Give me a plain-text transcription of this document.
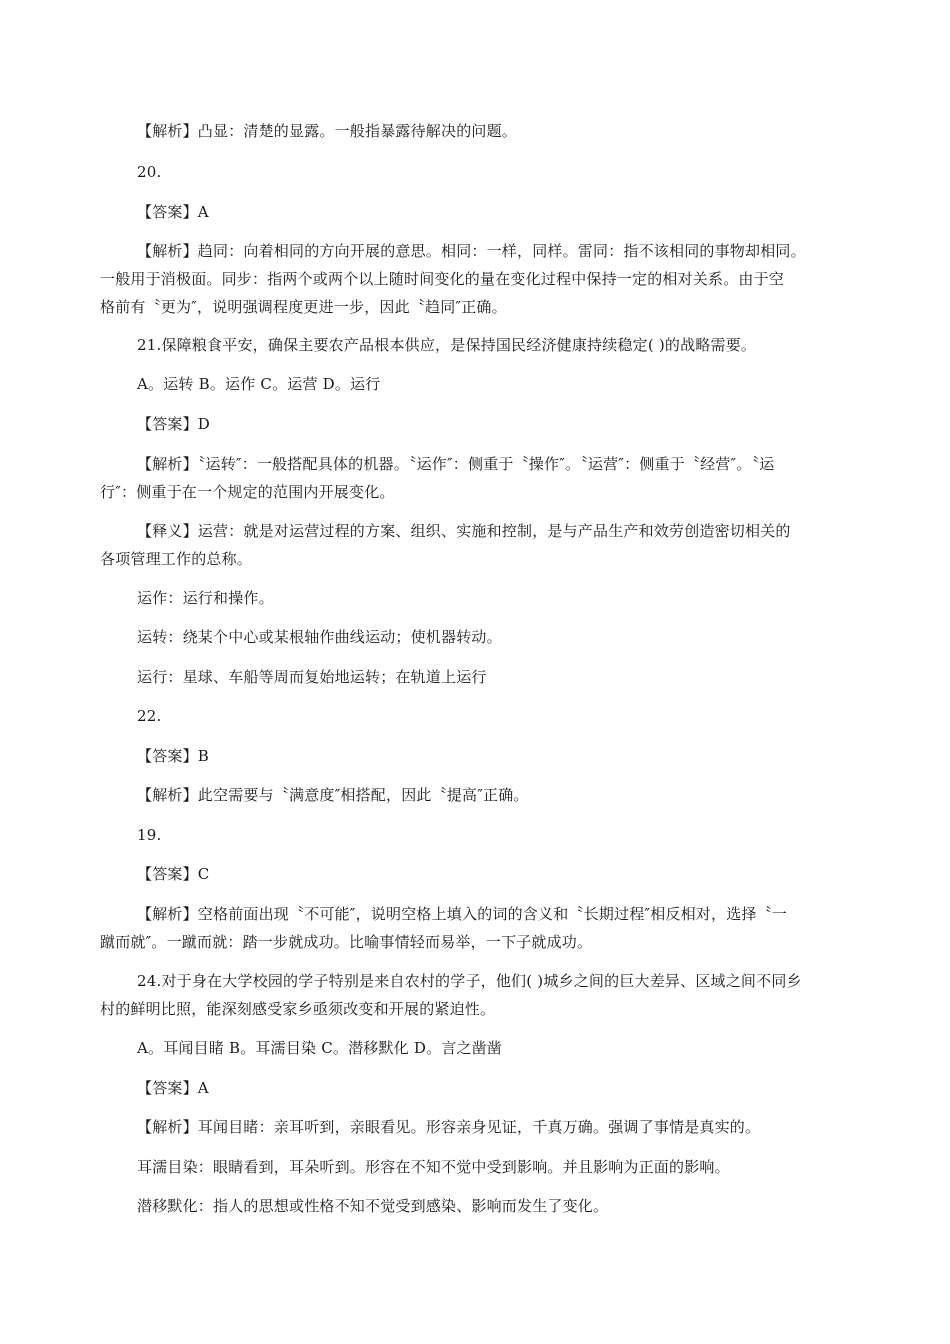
【解析】凸显：清楚的显露。一般指暴露待解决的问题。
20.
【答案】A
【解析】趋同：向着相同的方向开展的意思。相同：一样，同样。雷同：指不该相同的事物却相同。
一般用于消极面。同步：指两个或两个以上随时间变化的量在变化过程中保持一定的相对关系。由于空
格前有〝更为″，说明强调程度更进一步，因此〝趋同″正确。
21.保障粮食平安，确保主要农产品根本供应，是保持国民经济健康持续稳定( )的战略需要。
A。运转 B。运作 C。运营 D。运行
【答案】D
【解析】〝运转″：一般搭配具体的机器。〝运作″：侧重于〝操作″。〝运营″：侧重于〝经营″。〝运
行″：侧重于在一个规定的范围内开展变化。
【释义】运营：就是对运营过程的方案、组织、实施和控制，是与产品生产和效劳创造密切相关的
各项管理工作的总称。
运作：运行和操作。
运转：绕某个中心或某根轴作曲线运动；使机器转动。
运行：星球、车船等周而复始地运转；在轨道上运行
22.
【答案】B
【解析】此空需要与〝满意度″相搭配，因此〝提高″正确。
19.
【答案】C
【解析】空格前面出现〝不可能″，说明空格上填入的词的含义和〝长期过程″相反相对，选择〝一
蹴而就″。一蹴而就：踏一步就成功。比喻事情轻而易举，一下子就成功。
24.对于身在大学校园的学子特别是来自农村的学子，他们( )城乡之间的巨大差异、区域之间不同乡
村的鲜明比照，能深刻感受家乡亟须改变和开展的紧迫性。
A。耳闻目睹 B。耳濡目染 C。潜移默化 D。言之凿凿
【答案】A
【解析】耳闻目睹：亲耳听到，亲眼看见。形容亲身见证，千真万确。强调了事情是真实的。
耳濡目染：眼睛看到，耳朵听到。形容在不知不觉中受到影响。并且影响为正面的影响。
潜移默化：指人的思想或性格不知不觉受到感染、影响而发生了变化。
